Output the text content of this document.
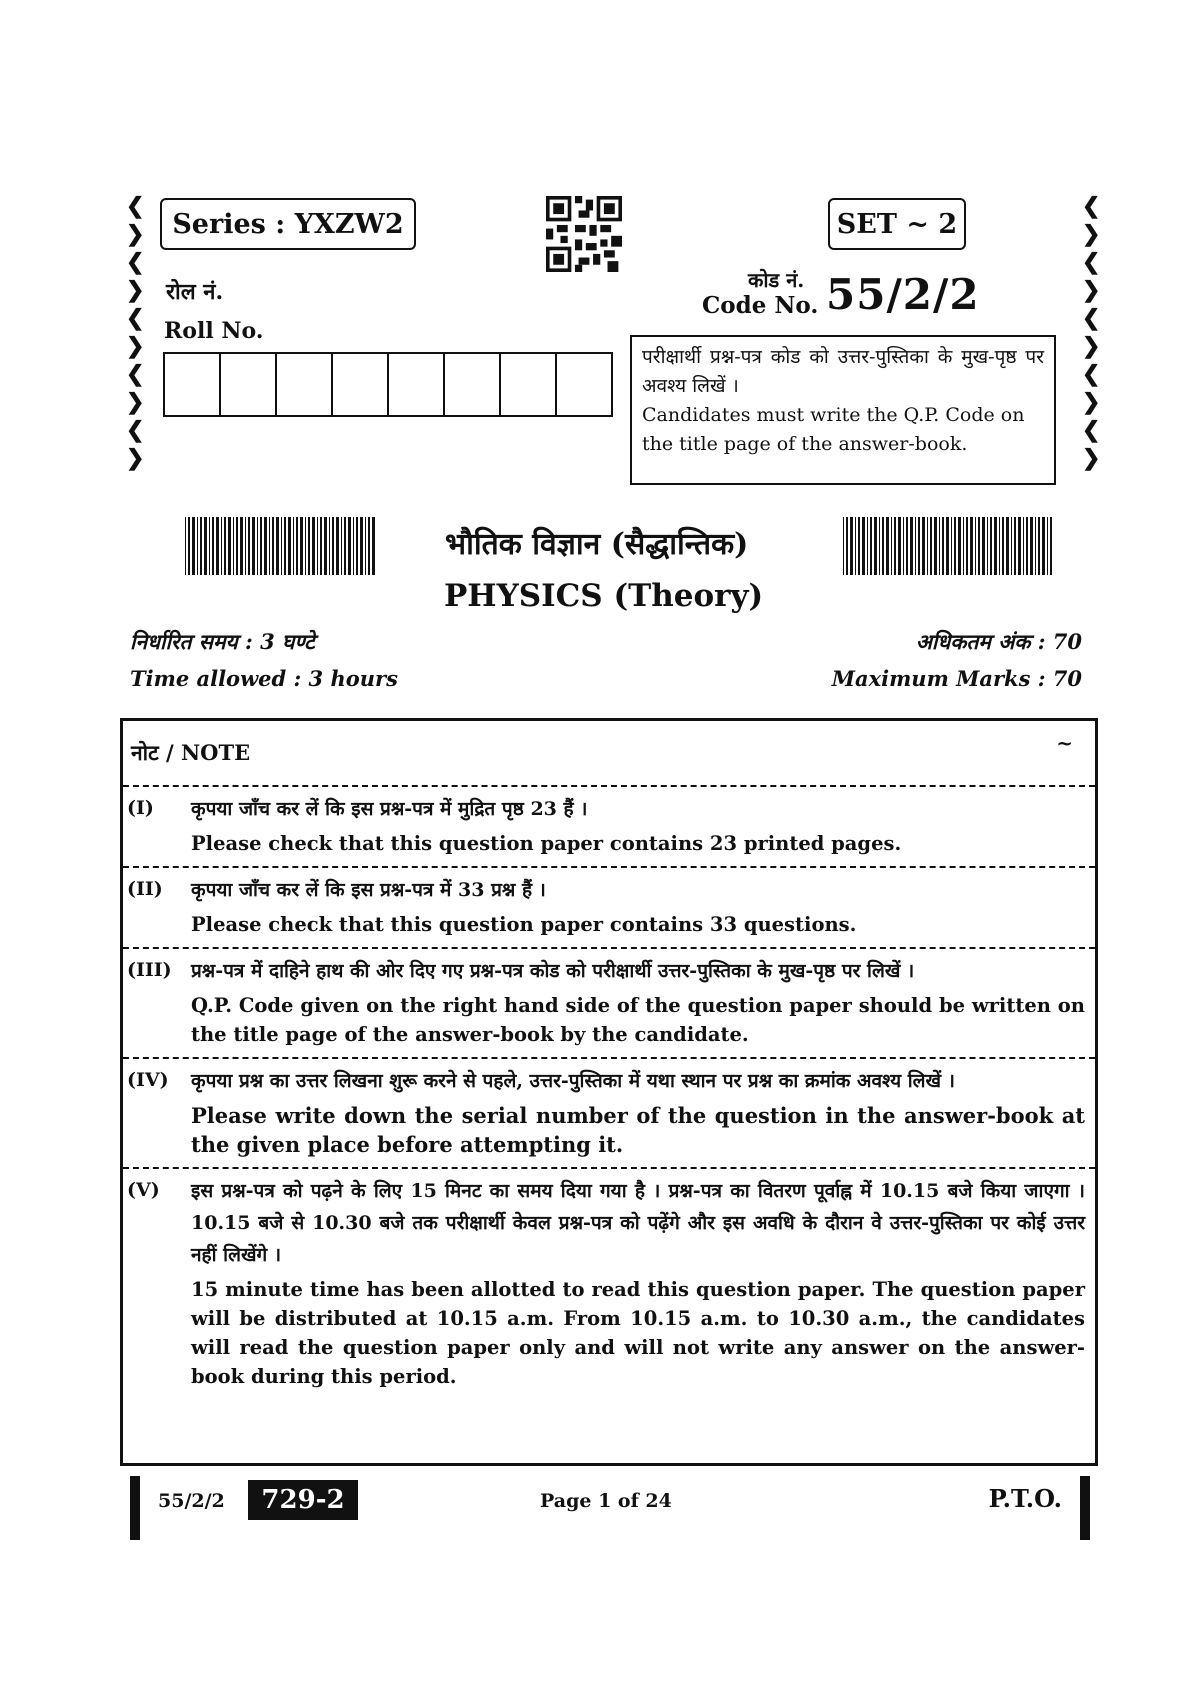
❮
❯
❮
❯
❮
❯
❮
❯
❮
❯
❮
❯
❮
❯
❮
❯
❮
❯
❮
❯
Series : YXZW2	SET ~ 2
रोल नं.
Roll No.
कोड नं.
Code No. 55/2/2
परीक्षार्थी प्रश्न-पत्र कोड को उत्तर-पुस्तिका के मुख-पृष्ठ पर अवश्य लिखें ।
Candidates must write the Q.P. Code on the title page of the answer-book.
भौतिक विज्ञान (सैद्धान्तिक)
PHYSICS (Theory)
निर्धारित समय : 3 घण्टे
Time allowed : 3 hours
अधिकतम अंक : 70
Maximum Marks : 70
नोट / NOTE	~
(I)	कृपया जाँच कर लें कि इस प्रश्न-पत्र में मुद्रित पृष्ठ 23 हैं ।
Please check that this question paper contains 23 printed pages.
(II)	कृपया जाँच कर लें कि इस प्रश्न-पत्र में 33 प्रश्न हैं ।
Please check that this question paper contains 33 questions.
(III)	प्रश्न-पत्र में दाहिने हाथ की ओर दिए गए प्रश्न-पत्र कोड को परीक्षार्थी उत्तर-पुस्तिका के मुख-पृष्ठ पर लिखें ।
Q.P. Code given on the right hand side of the question paper should be written on the title page of the answer-book by the candidate.
(IV)	कृपया प्रश्न का उत्तर लिखना शुरू करने से पहले, उत्तर-पुस्तिका में यथा स्थान पर प्रश्न का क्रमांक अवश्य लिखें ।
Please write down the serial number of the question in the answer-book at the given place before attempting it.
(V)	इस प्रश्न-पत्र को पढ़ने के लिए 15 मिनट का समय दिया गया है । प्रश्न-पत्र का वितरण पूर्वाह्न में 10.15 बजे किया जाएगा । 10.15 बजे से 10.30 बजे तक परीक्षार्थी केवल प्रश्न-पत्र को पढ़ेंगे और इस अवधि के दौरान वे उत्तर-पुस्तिका पर कोई उत्तर नहीं लिखेंगे ।
15 minute time has been allotted to read this question paper. The question paper will be distributed at 10.15 a.m. From 10.15 a.m. to 10.30 a.m., the candidates will read the question paper only and will not write any answer on the answer-book during this period.
55/2/2	729-2	Page 1 of 24	P.T.O.
